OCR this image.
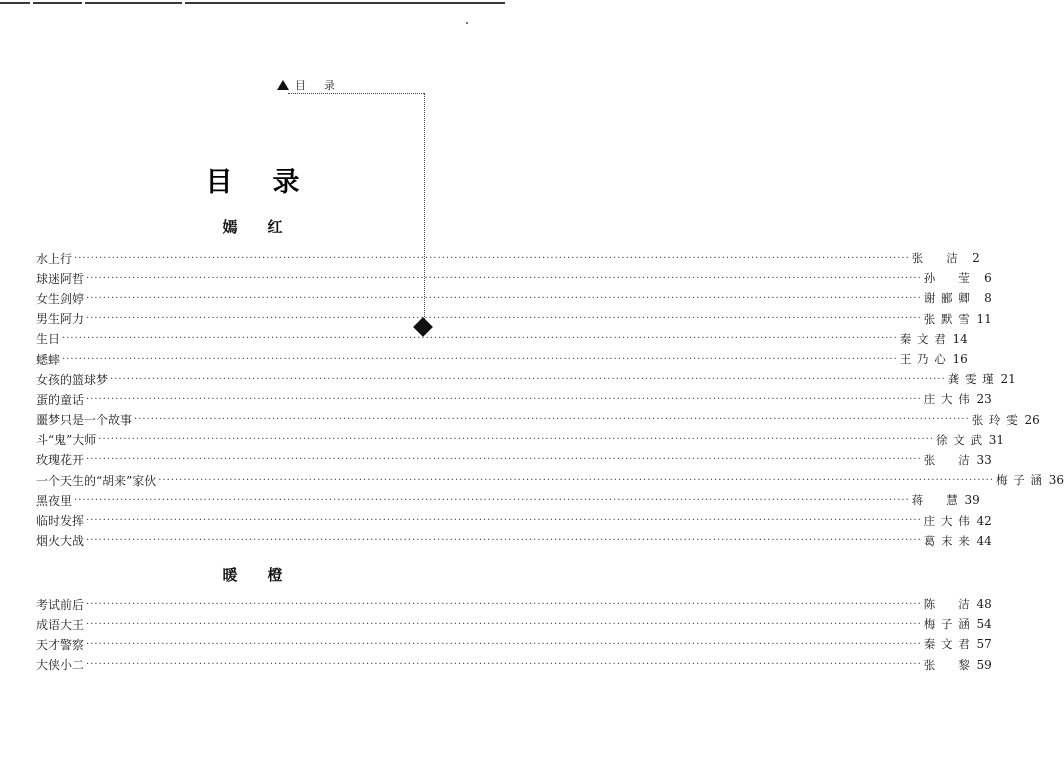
目录
目录
嫣红
水上行 ········································································································································································································ 张洁	2
球迷阿哲 ········································································································································································································ 孙莹	6
女生剑婷 ········································································································································································································ 谢郦卿	8
男生阿力 ········································································································································································································ 张默雪 11
生日 ········································································································································································································ 秦文君 14
蟋蟀 ········································································································································································································ 王乃心 16
女孩的篮球梦 ········································································································································································································ 龚雯瑾 21
蛋的童话 ········································································································································································································ 庄大伟 23
噩梦只是一个故事 ········································································································································································································ 张玲雯 26
斗“鬼”大师 ········································································································································································································ 徐文武 31
玫瑰花开 ········································································································································································································ 张洁 33
一个天生的“胡来”家伙 ········································································································································································································ 梅子涵 36
黑夜里 ········································································································································································································ 蒋慧 39
临时发挥 ········································································································································································································ 庄大伟 42
烟火大战 ········································································································································································································ 葛末来 44
暖橙
考试前后 ········································································································································································································ 陈洁 48
成语大王 ········································································································································································································ 梅子涵 54
天才警察 ········································································································································································································ 秦文君 57
大侠小二 ········································································································································································································ 张黎 59
